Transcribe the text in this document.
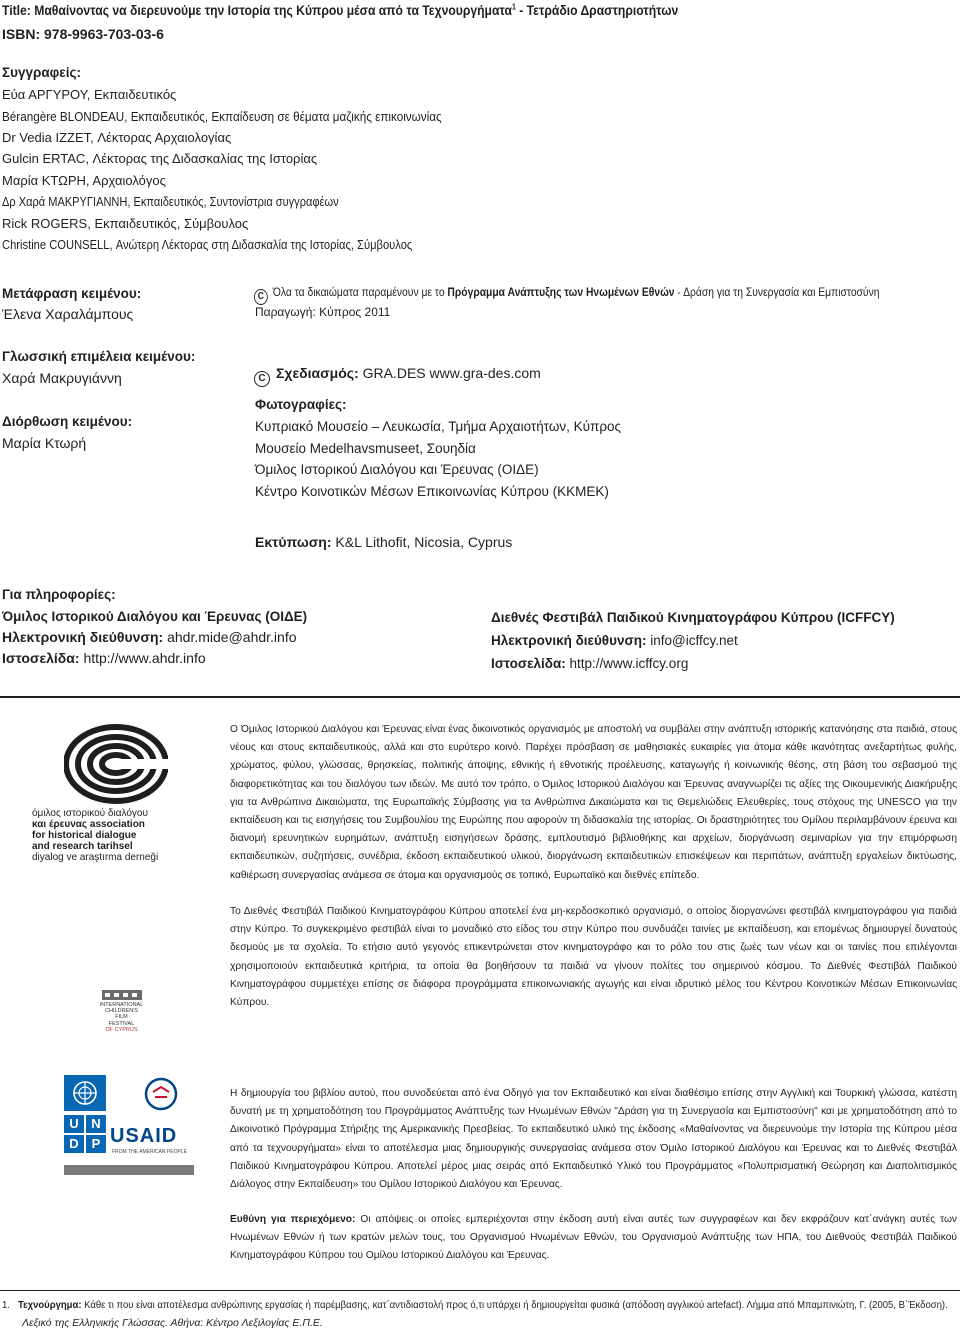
Title: Μαθαίνοντας να διερευνούμε την Ιστορία της Κύπρου μέσα από τα Τεχνουργήματα$^1$ - Τετράδιο Δραστηριοτήτων
ISBN: 978-9963-703-03-6
Συγγραφείς:
Εύα ΑΡΓΥΡΟΥ, Εκπαιδευτικός
Bérangère BLONDEAU, Εκπαιδευτικός, Εκπαίδευση σε θέματα μαζικής επικοινωνίας
Dr Vedia IZZET, Λέκτορας Αρχαιολογίας
Gulcin ERTAC, Λέκτορας της Διδασκαλίας της Ιστορίας
Μαρία ΚΤΩΡΗ, Αρχαιολόγος
Δρ Χαρά ΜΑΚΡΥΓΙΑΝΝΗ, Εκπαιδευτικός, Συντονίστρια συγγραφέων
Rick ROGERS, Εκπαιδευτικός, Σύμβουλος
Christine COUNSELL, Ανώτερη Λέκτορας στη Διδασκαλία της Ιστορίας, Σύμβουλος
Μετάφραση κειμένου:
Έλενα Χαραλάμπους
Γλωσσική επιμέλεια κειμένου:
Χαρά Μακρυγιάννη
Διόρθωση κειμένου:
Μαρία Κτωρή
C Όλα τα δικαιώματα παραμένουν με το Πρόγραμμα Ανάπτυξης των Ηνωμένων Εθνών - Δράση για τη Συνεργασία και Εμπιστοσύνη
Παραγωγή: Κύπρος 2011
C Σχεδιασμός: GRA.DES www.gra-des.com
Φωτογραφίες:
Κυπριακό Μουσείο – Λευκωσία, Τμήμα Αρχαιοτήτων, Κύπρος
Μουσείο Medelhavsmuseet, Σουηδία
Όμιλος Ιστορικού Διαλόγου και Έρευνας (ΟΙΔΕ)
Κέντρο Κοινοτικών Μέσων Επικοινωνίας Κύπρου (ΚΚΜΕΚ)
Εκτύπωση: K&L Lithofit, Nicosia, Cyprus
Για πληροφορίες:
Όμιλος Ιστορικού Διαλόγου και Έρευνας (ΟΙΔΕ)
Ηλεκτρονική διεύθυνση: ahdr.mide@ahdr.info
Ιστοσελίδα: http://www.ahdr.info
Διεθνές Φεστιβάλ Παιδικού Κινηματογράφου Κύπρου (ICFFCY)
Ηλεκτρονική διεύθυνση: info@icffcy.net
Ιστοσελίδα: http://www.icffcy.org
όμιλος ιστορικού διαλόγου
και έρευνας association
for historical dialogue
and research tarihsel
diyalog ve araştırma derneği
Ο Όμιλος Ιστορικού Διαλόγου και Έρευνας είναι ένας δικοινοτικός οργανισμός με αποστολή να συμβάλει στην ανάπτυξη ιστορικής κατανόησης στα παιδιά, στους νέους και στους εκπαιδευτικούς, αλλά και στο ευρύτερο κοινό. Παρέχει πρόσβαση σε μαθησιακές ευκαιρίες για άτομα κάθε ικανότητας ανεξαρτήτως φυλής, χρώματος, φύλου, γλώσσας, θρησκείας, πολιτικής άποψης, εθνικής ή εθνοτικής προέλευσης, καταγωγής ή κοινωνικής θέσης, στη βάση του σεβασμού της διαφορετικότητας και του διαλόγου των ιδεών. Με αυτό τον τρόπο, ο Όμιλος Ιστορικού Διαλόγου και Έρευνας αναγνωρίζει τις αξίες της Οικουμενικής Διακήρυξης για τα Ανθρώπινα Δικαιώματα, της Ευρωπαϊκής Σύμβασης για τα Ανθρώπινα Δικαιώματα και τις Θεμελιώδεις Ελευθερίες, τους στόχους της UNESCO για την εκπαίδευση και τις εισηγήσεις του Συμβουλίου της Ευρώπης που αφορούν τη διδασκαλία της ιστορίας. Οι δραστηριότητες του Ομίλου περιλαμβάνουν έρευνα και διανομή ερευνητικών ευρημάτων, ανάπτυξη εισηγήσεων δράσης, εμπλουτισμό βιβλιοθήκης και αρχείων, διοργάνωση σεμιναρίων για την επιμόρφωση εκπαιδευτικών, συζητήσεις, συνέδρια, έκδοση εκπαιδευτικού υλικού, διοργάνωση εκπαιδευτικών επισκέψεων και περιπάτων, ανάπτυξη εργαλείων δικτύωσης, καθιέρωση συνεργασίας ανάμεσα σε άτομα και οργανισμούς σε τοπικό, Ευρωπαϊκό και διεθνές επίπεδο.
INTERNATIONAL
CHILDREN'S
FILM
FESTIVAL
OF CYPRUS
Το Διεθνές Φεστιβάλ Παιδικού Κινηματογράφου Κύπρου αποτελεί ένα μη-κερδοσκοπικό οργανισμό, ο οποίος διοργανώνει φεστιβάλ κινηματογράφου για παιδιά στην Κύπρο. Το συγκεκριμένο φεστιβάλ είναι το μοναδικό στο είδος του στην Κύπρο που συνδυάζει ταινίες με εκπαίδευση, και επομένως δημιουργεί δυνατούς δεσμούς με τα σχολεία. Το ετήσιο αυτό γεγονός επικεντρώνεται στον κινηματογράφο και το ρόλο του στις ζωές των νέων και οι ταινίες που επιλέγονται χρησιμοποιούν εκπαιδευτικά κριτήρια, τα οποία θα βοηθήσουν τα παιδιά να γίνουν πολίτες του σημερινού κόσμου. Το Διεθνές Φεστιβάλ Παιδικού Κινηματογράφου συμμετέχει επίσης σε διάφορα προγράμματα επικοινωνιακής αγωγής και είναι ιδρυτικό μέλος του Κέντρου Κοινοτικών Μέσων Επικοινωνίας Κύπρου.
U N
D P USAID
FROM THE AMERICAN PEOPLE
Η δημιουργία του βιβλίου αυτού, που συνοδεύεται από ένα Οδηγό για τον Εκπαιδευτικό και είναι διαθέσιμο επίσης στην Αγγλική και Τουρκική γλώσσα, κατέστη δυνατή με τη χρηματοδότηση του Προγράμματος Ανάπτυξης των Ηνωμένων Εθνών "Δράση για τη Συνεργασία και Εμπιστοσύνη" και με χρηματοδότηση από το Δικοινοτικό Πρόγραμμα Στήριξης της Αμερικανικής Πρεσβείας. Το εκπαιδευτικό υλικό της έκδοσης «Μαθαίνοντας να διερευνούμε την Ιστορία της Κύπρου μέσα από τα τεχνουργήματα» είναι το αποτέλεσμα μιας δημιουργικής συνεργασίας ανάμεσα στον Όμιλο Ιστορικού Διαλόγου και Έρευνας και το Διεθνές Φεστιβάλ Παιδικού Κινηματογράφου Κύπρου. Αποτελεί μέρος μιας σειράς από Εκπαιδευτικό Υλικό του Προγράμματος «Πολυπρισματική Θεώρηση και Διαπολιτισμικός Διάλογος στην Εκπαίδευση» του Ομίλου Ιστορικού Διαλόγου και Έρευνας.
Ευθύνη για περιεχόμενο: Οι απόψεις οι οποίες εμπεριέχονται στην έκδοση αυτή είναι αυτές των συγγραφέων και δεν εκφράζουν κατ΄ανάγκη αυτές των Ηνωμένων Εθνών ή των κρατών μελών τους, του Οργανισμού Ηνωμένων Εθνών, του Οργανισμού Ανάπτυξης των ΗΠΑ, του Διεθνούς Φεστιβάλ Παιδικού Κινηματογράφου Κύπρου του Ομίλου Ιστορικού Διαλόγου και Έρευνας.
1. Τεχνούργημα: Κάθε τι που είναι αποτέλεσμα ανθρώπινης εργασίας ή παρέμβασης, κατ΄αντιδιαστολή προς ό,τι υπάρχει ή δημιουργείται φυσικά (απόδοση αγγλικού artefact). Λήμμα από Μπαμπινιώτη, Γ. (2005, Β΄Έκδοση).
Λεξικό της Ελληνικής Γλώσσας. Αθήνα: Κέντρο Λεξιλογίας Ε.Π.Ε.
